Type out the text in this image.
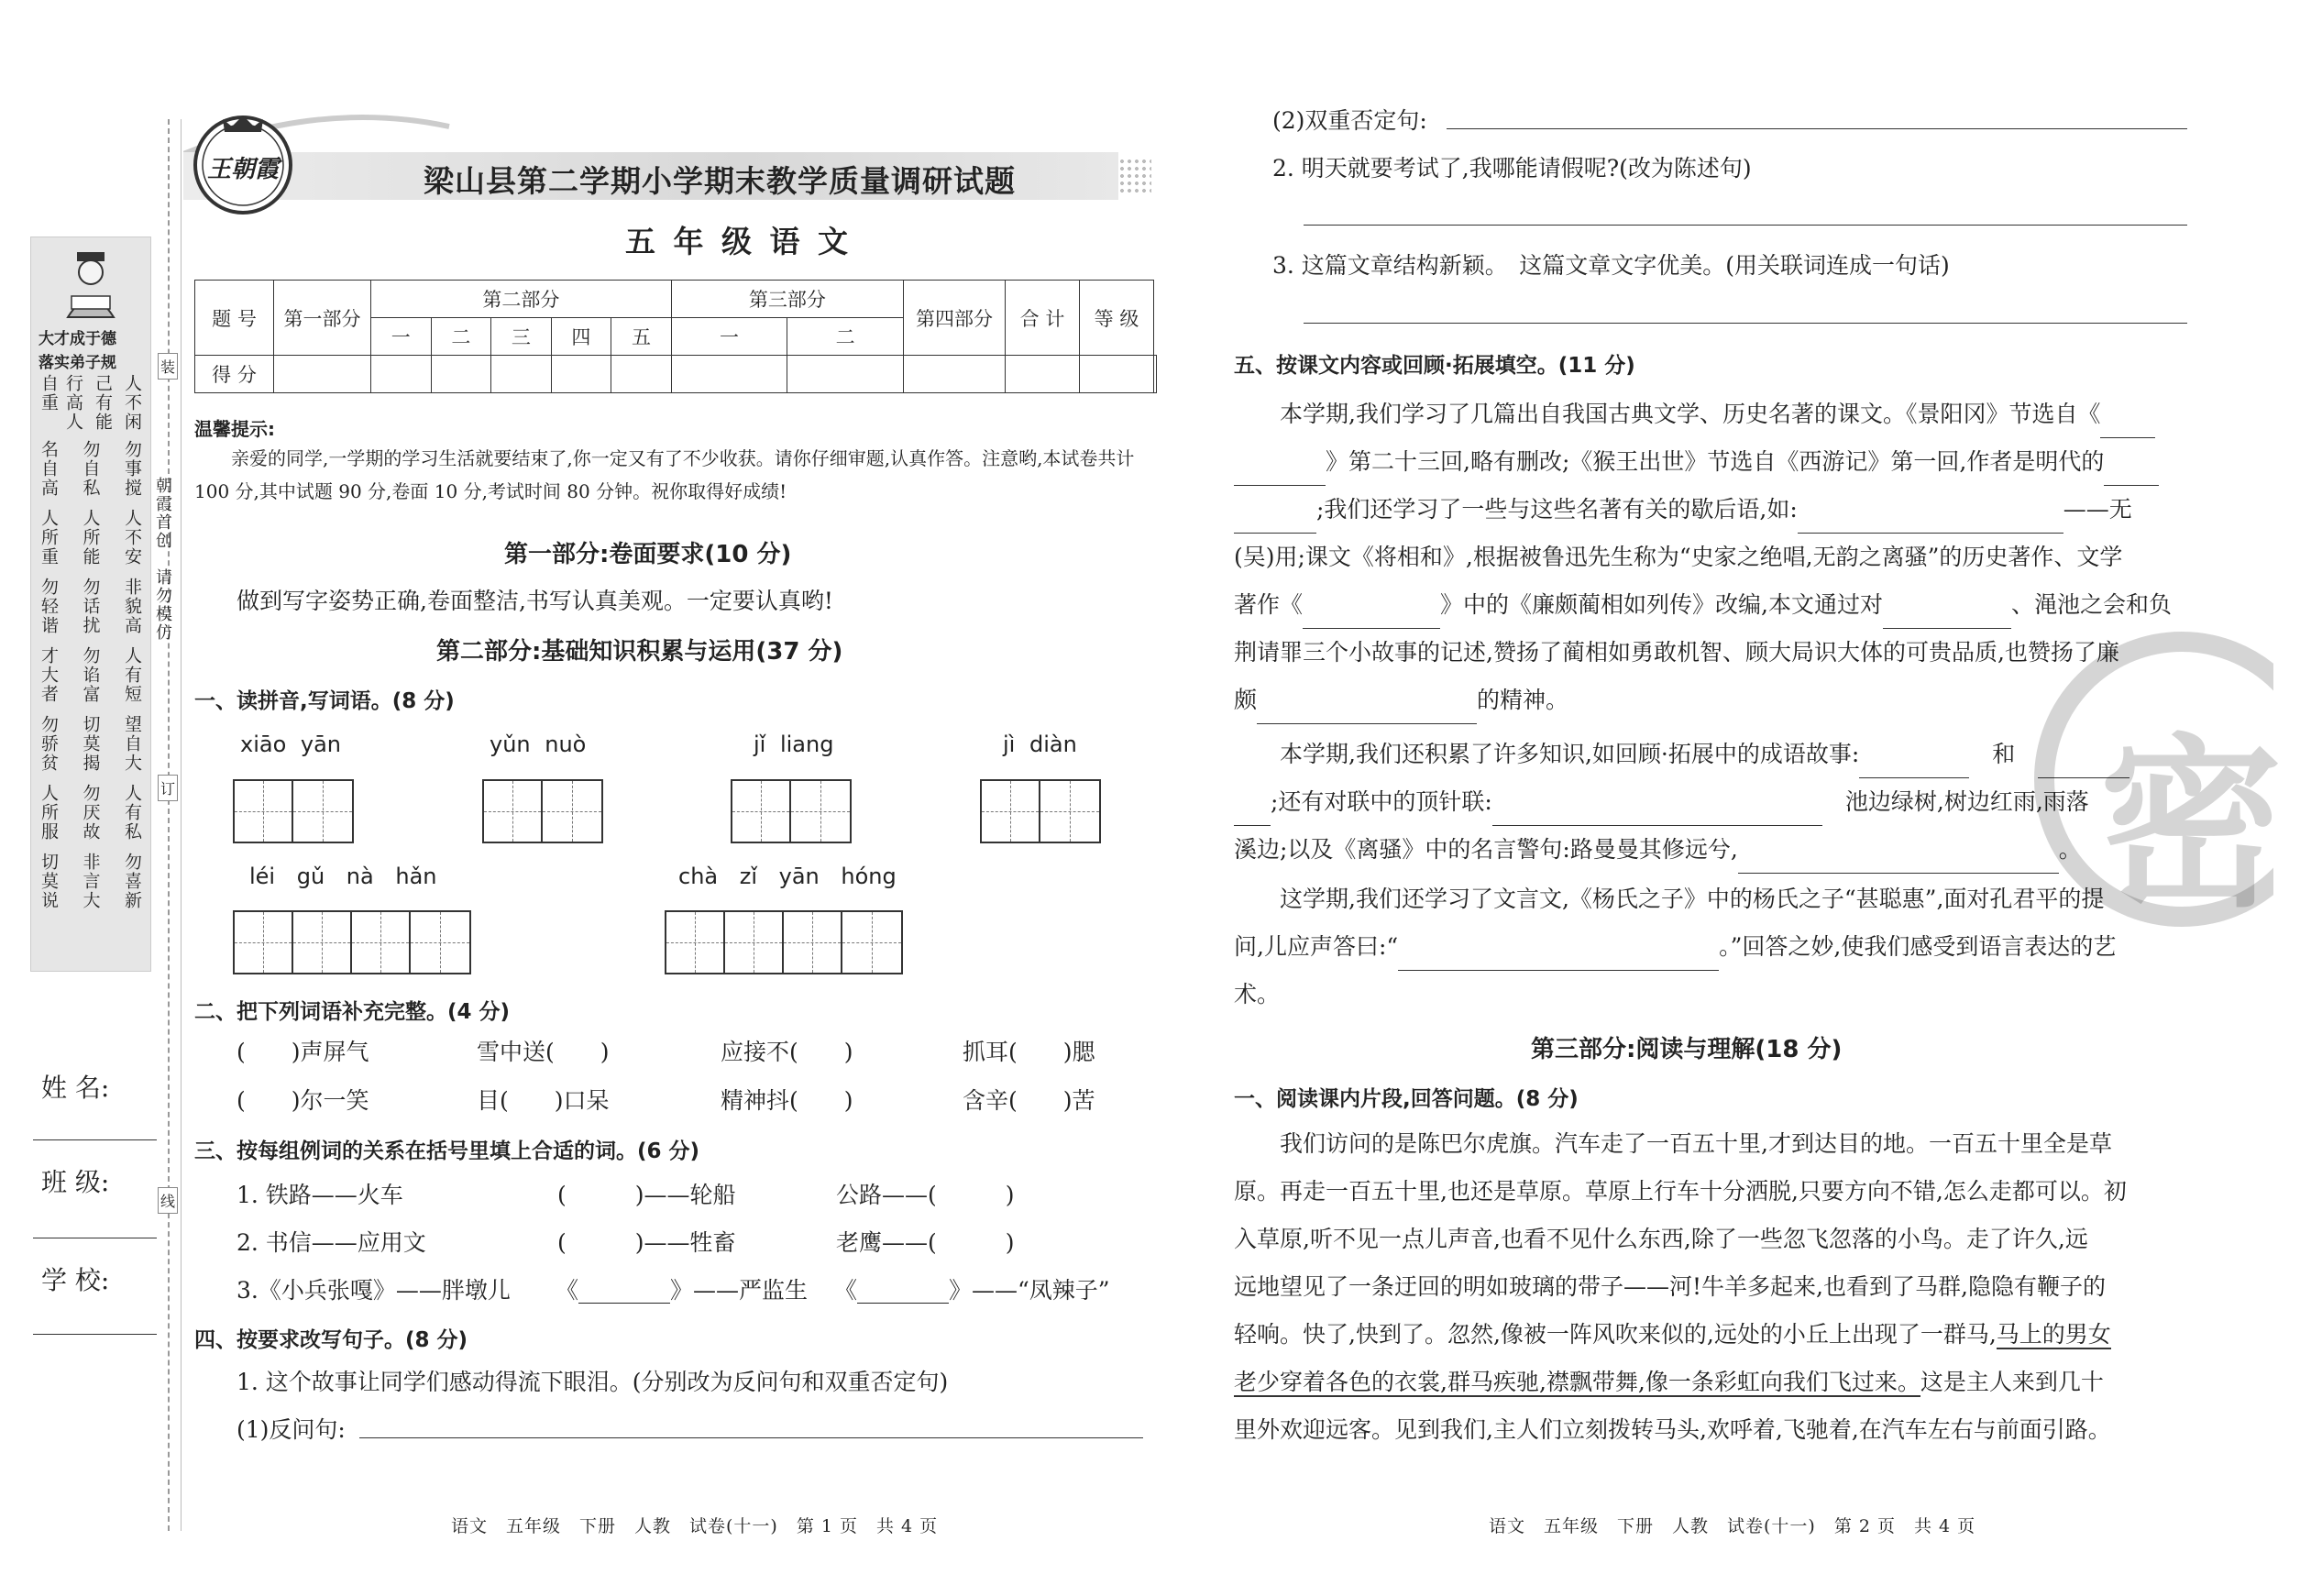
大才成于德
落实弟子规
行高人自重	己有能 人不闲
名自高 勿自私 勿事搅
人所重 人所能 人不安
勿轻谐 勿话扰 非貌高
才大者 勿谄富 人有短
勿骄贫 切莫揭 望自大
人所服 勿厌故 人有私
切莫说 非言大 勿喜新
朝霞首创
请勿模仿
装
订
线
姓 名:
班 级:
学 校:
王朝霞	梁山县第二学期小学期末教学质量调研试题
五 年 级 语 文
题 号	第一部分	第二部分					第三部分		第四部分	合 计	等 级	
		一	二	三	四	五	一	二				
得 分												
温馨提示:
亲爱的同学,一学期的学习生活就要结束了,你一定又有了不少收获。请你仔细审题,认真作答。注意哟,本试卷共计 100 分,其中试题 90 分,卷面 10 分,考试时间 80 分钟。祝你取得好成绩!
第一部分:卷面要求(10 分)
做到写字姿势正确,卷面整洁,书写认真美观。一定要认真哟!
第二部分:基础知识积累与运用(37 分)
一、读拼音,写词语。(8 分)
xiāo yān	yǔn nuò	jǐ liang	jì diàn
léi gǔ nà hǎn	chà zǐ yān hóng
二、把下列词语补充完整。(4 分)
(　　)声屏气	雪中送(　　)	应接不(　　)	抓耳(　　)腮
(　　)尔一笑	目(　　)口呆	精神抖(　　)	含辛(　　)苦
三、按每组例词的关系在括号里填上合适的词。(6 分)
1. 铁路——火车	(　　　)——轮船	公路——(　　　)
2. 书信——应用文	(　　　)——牲畜	老鹰——(　　　)
3.《小兵张嘎》——胖墩儿 《________》——严监生 《________》——“凤辣子”
四、按要求改写句子。(8 分)
1. 这个故事让同学们感动得流下眼泪。(分别改为反问句和双重否定句)
(1)反问句:
语文　五年级　下册　人教　试卷(十一)　第 1 页　共 4 页
(2)双重否定句:
2. 明天就要考试了,我哪能请假呢?(改为陈述句)
3. 这篇文章结构新颖。　这篇文章文字优美。(用关联词连成一句话)
五、按课文内容或回顾·拓展填空。(11 分)
本学期,我们学习了几篇出自我国古典文学、历史名著的课文。《景阳冈》节选自《
》第二十三回,略有删改;《猴王出世》节选自《西游记》第一回,作者是明代的
;我们还学习了一些与这些名著有关的歇后语,如:	——无
(吴)用;课文《将相和》,根据被鲁迅先生称为“史家之绝唱,无韵之离骚”的历史著作、文学
著作《	》中的《廉颇蔺相如列传》改编,本文通过对	、渑池之会和负
荆请罪三个小故事的记述,赞扬了蔺相如勇敢机智、顾大局识大体的可贵品质,也赞扬了廉
颇	的精神。
本学期,我们还积累了许多知识,如回顾·拓展中的成语故事:　	和　
;还有对联中的顶针联:　	池边绿树,树边红雨,雨落
溪边;以及《离骚》中的名言警句:路曼曼其修远兮,	。
这学期,我们还学习了文言文,《杨氏之子》中的杨氏之子“甚聪惠”,面对孔君平的提
问,儿应声答曰:“	。”回答之妙,使我们感受到语言表达的艺
术。
第三部分:阅读与理解(18 分)
一、阅读课内片段,回答问题。(8 分)
我们访问的是陈巴尔虎旗。汽车走了一百五十里,才到达目的地。一百五十里全是草
原。再走一百五十里,也还是草原。草原上行车十分洒脱,只要方向不错,怎么走都可以。初
入草原,听不见一点儿声音,也看不见什么东西,除了一些忽飞忽落的小鸟。走了许久,远
远地望见了一条迂回的明如玻璃的带子——河!牛羊多起来,也看到了马群,隐隐有鞭子的
轻响。快了,快到了。忽然,像被一阵风吹来似的,远处的小丘上出现了一群马,马上的男女
老少穿着各色的衣裳,群马疾驰,襟飘带舞,像一条彩虹向我们飞过来。这是主人来到几十
里外欢迎远客。见到我们,主人们立刻拨转马头,欢呼着,飞驰着,在汽车左右与前面引路。
语文　五年级　下册　人教　试卷(十一)　第 2 页　共 4 页
密
